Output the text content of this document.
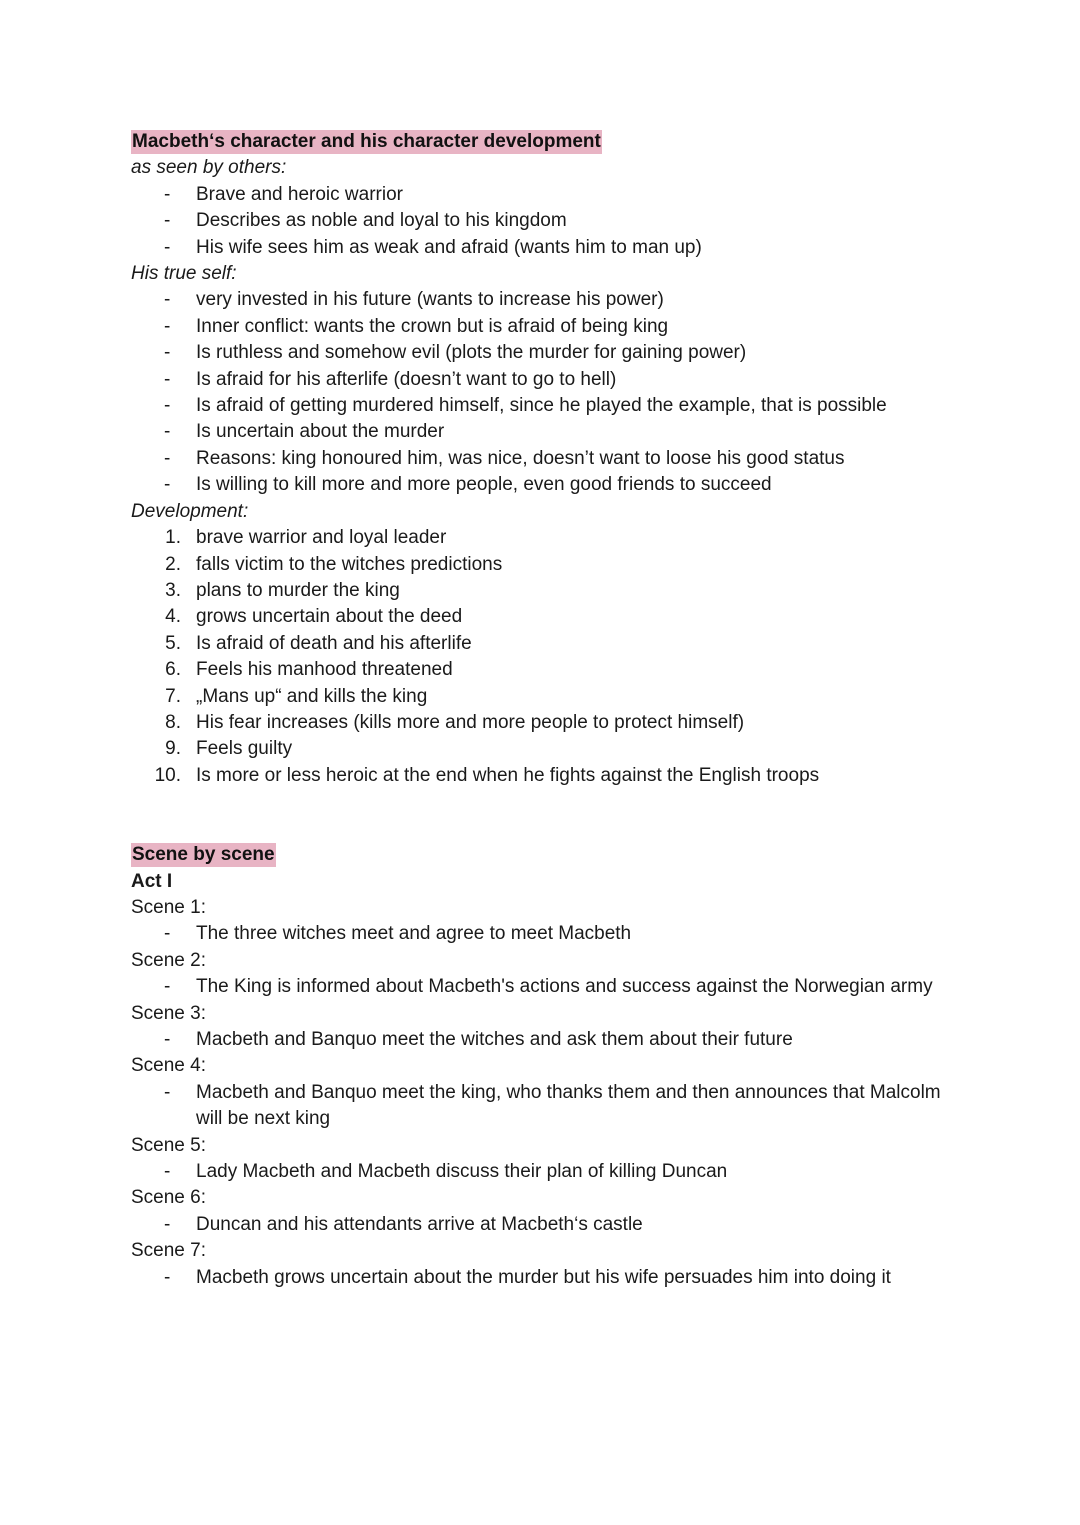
Macbeth‘s character and his character development
as seen by others:
- Brave and heroic warrior
- Describes as noble and loyal to his kingdom
- His wife sees him as weak and afraid (wants him to man up)
His true self:
- very invested in his future (wants to increase his power)
- Inner conflict: wants the crown but is afraid of being king
- Is ruthless and somehow evil (plots the murder for gaining power)
- Is afraid for his afterlife (doesn’t want to go to hell)
- Is afraid of getting murdered himself, since he played the example, that is possible
- Is uncertain about the murder
- Reasons: king honoured him, was nice, doesn’t want to loose his good status
- Is willing to kill more and more people, even good friends to succeed
Development:
1. brave warrior and loyal leader
2. falls victim to the witches predictions
3. plans to murder the king
4. grows uncertain about the deed
5. Is afraid of death and his afterlife
6. Feels his manhood threatened
7. „Mans up“ and kills the king
8. His fear increases (kills more and more people to protect himself)
9. Feels guilty
10. Is more or less heroic at the end when he fights against the English troops
Scene by scene
Act I
Scene 1:
- The three witches meet and agree to meet Macbeth
Scene 2:
- The King is informed about Macbeth's actions and success against the Norwegian army
Scene 3:
- Macbeth and Banquo meet the witches and ask them about their future
Scene 4:
- Macbeth and Banquo meet the king, who thanks them and then announces that Malcolm will be next king
Scene 5:
- Lady Macbeth and Macbeth discuss their plan of killing Duncan
Scene 6:
- Duncan and his attendants arrive at Macbeth‘s castle
Scene 7:
- Macbeth grows uncertain about the murder but his wife persuades him into doing it
